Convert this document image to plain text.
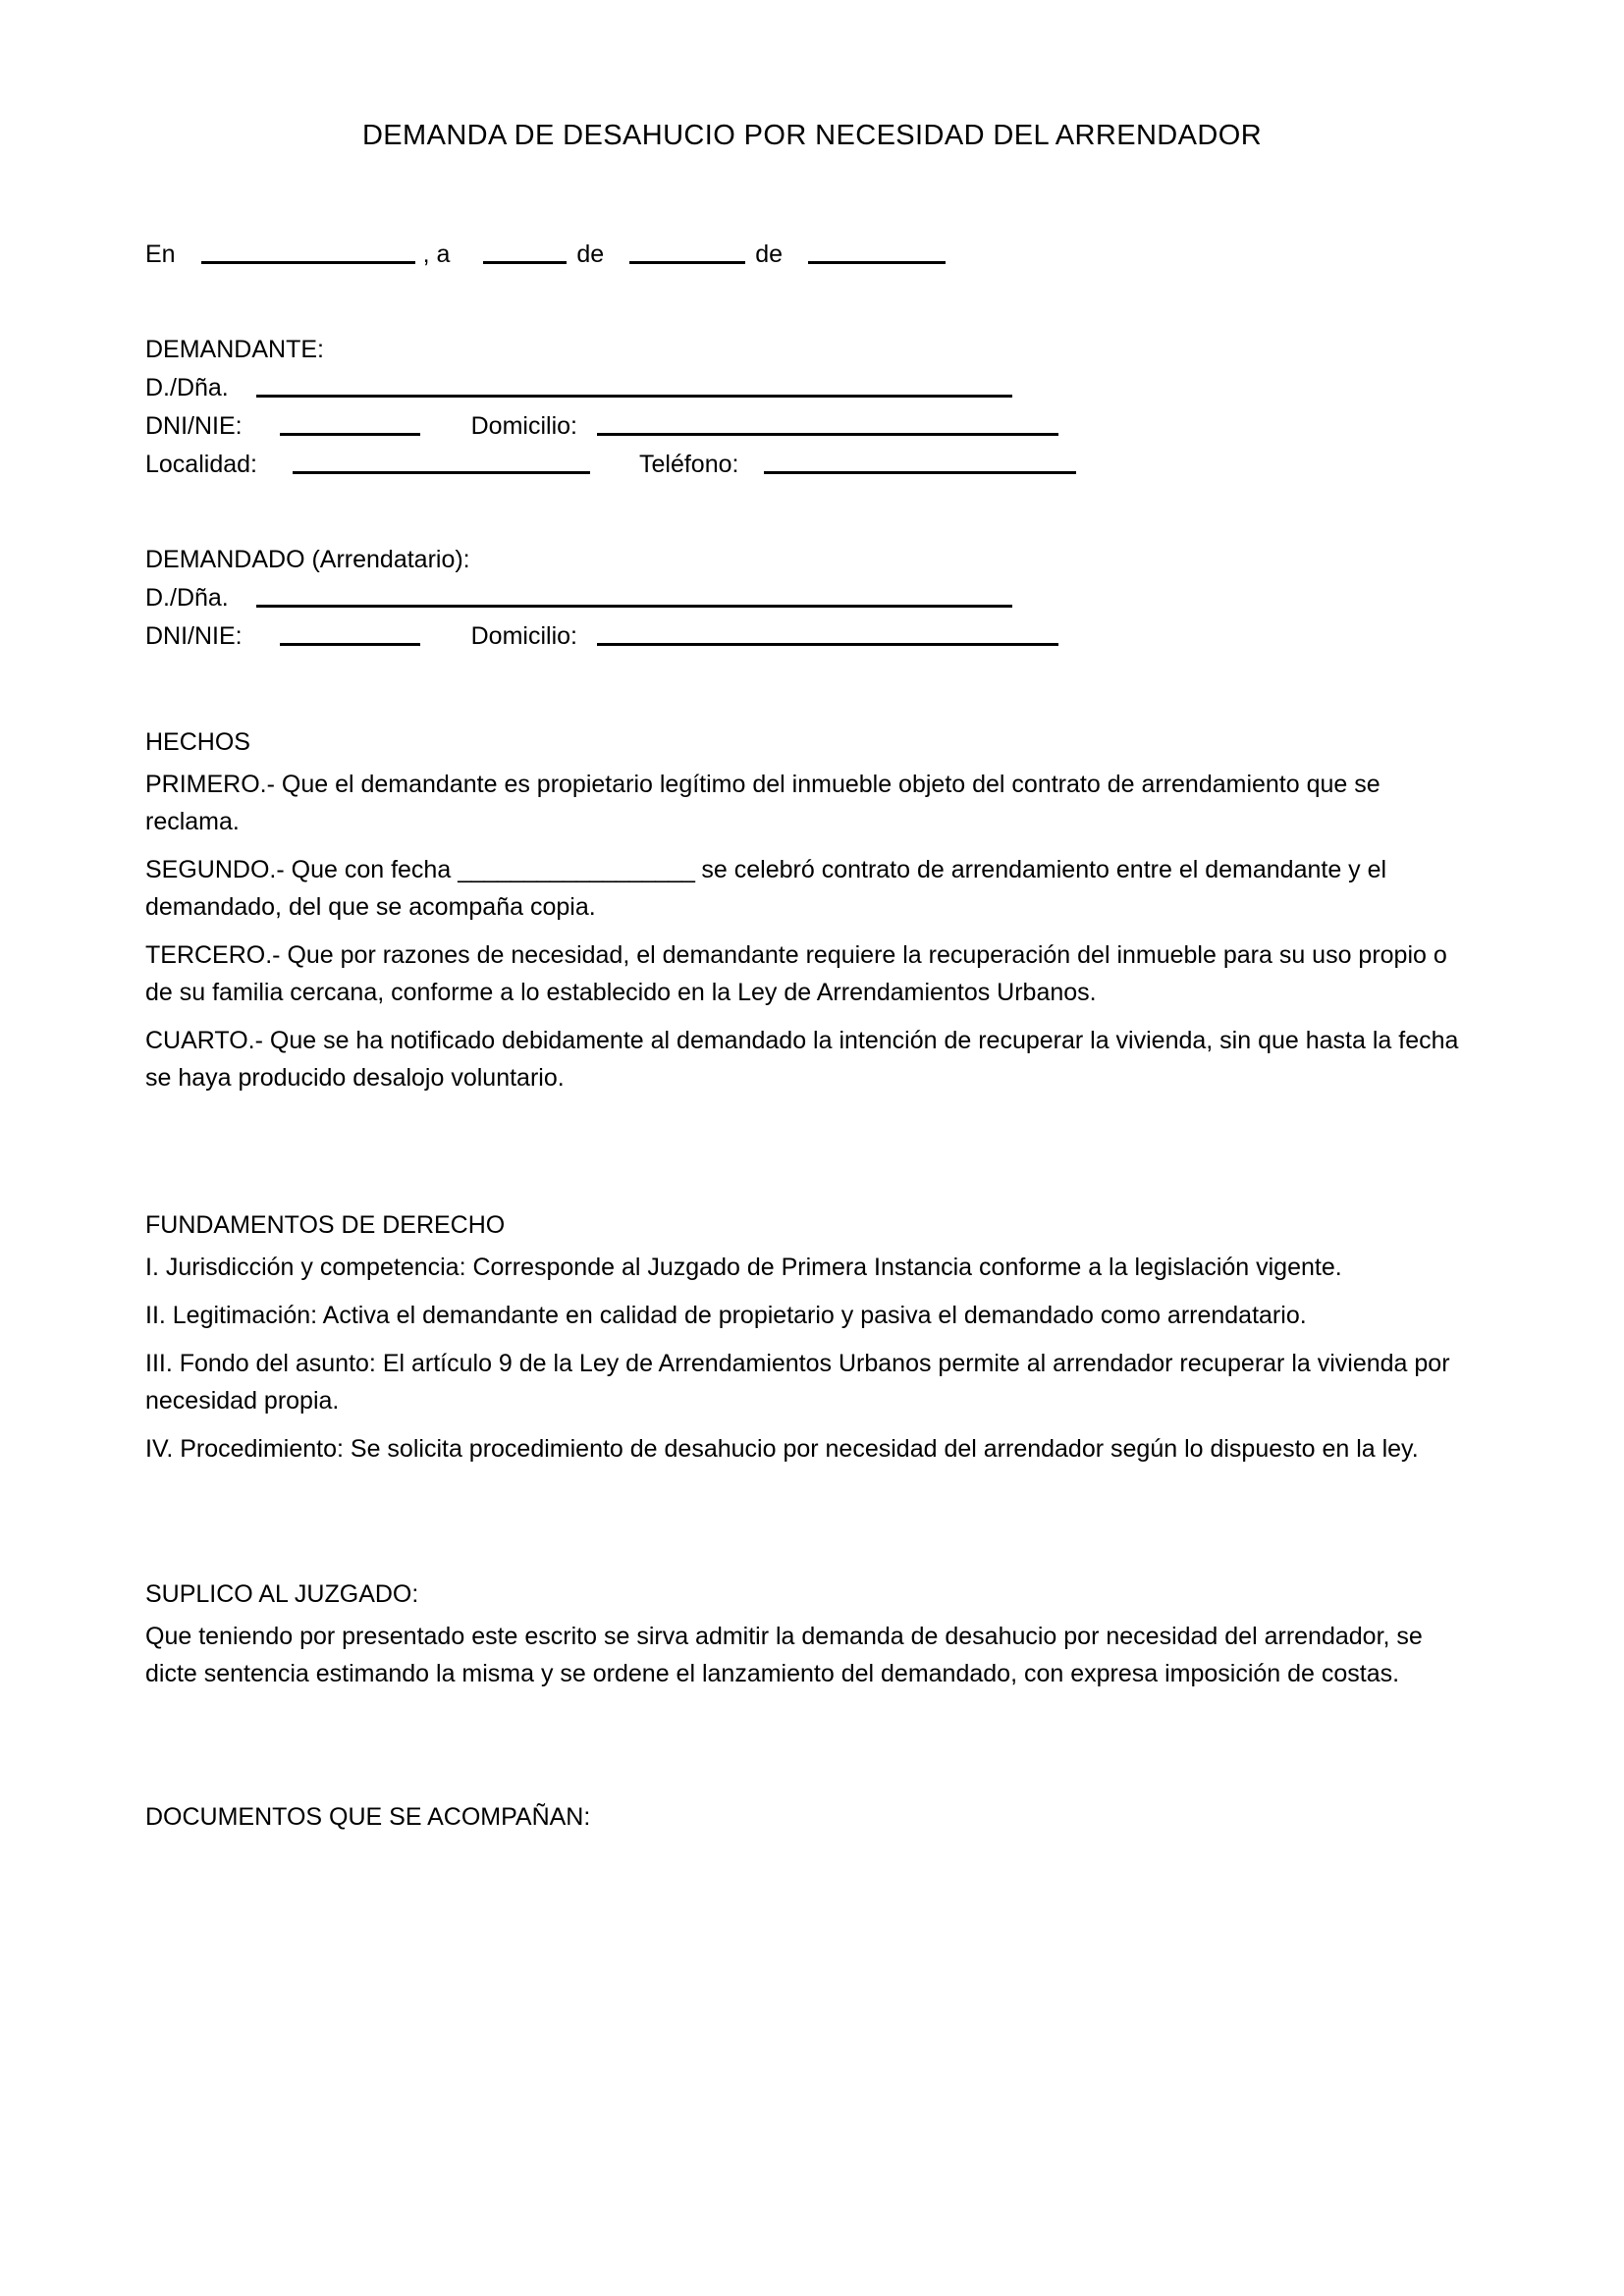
DEMANDA DE DESAHUCIO POR NECESIDAD DEL ARRENDADOR
En	, a	de	de
DEMANDANTE:
D./Dña.
DNI/NIE:	Domicilio:
Localidad:	Teléfono:
DEMANDADO (Arrendatario):
D./Dña.
DNI/NIE:	Domicilio:
HECHOS

PRIMERO.- Que el demandante es propietario legítimo del inmueble objeto del contrato de arrendamiento que se reclama.

SEGUNDO.- Que con fecha __________________ se celebró contrato de arrendamiento entre el demandante y el demandado, del que se acompaña copia.

TERCERO.- Que por razones de necesidad, el demandante requiere la recuperación del inmueble para su uso propio o de su familia cercana, conforme a lo establecido en la Ley de Arrendamientos Urbanos.

CUARTO.- Que se ha notificado debidamente al demandado la intención de recuperar la vivienda, sin que hasta la fecha se haya producido desalojo voluntario.

FUNDAMENTOS DE DERECHO

I. Jurisdicción y competencia: Corresponde al Juzgado de Primera Instancia conforme a la legislación vigente.

II. Legitimación: Activa el demandante en calidad de propietario y pasiva el demandado como arrendatario.

III. Fondo del asunto: El artículo 9 de la Ley de Arrendamientos Urbanos permite al arrendador recuperar la vivienda por necesidad propia.

IV. Procedimiento: Se solicita procedimiento de desahucio por necesidad del arrendador según lo dispuesto en la ley.

SUPLICO AL JUZGADO:

Que teniendo por presentado este escrito se sirva admitir la demanda de desahucio por necesidad del arrendador, se dicte sentencia estimando la misma y se ordene el lanzamiento del demandado, con expresa imposición de costas.

DOCUMENTOS QUE SE ACOMPAÑAN:
